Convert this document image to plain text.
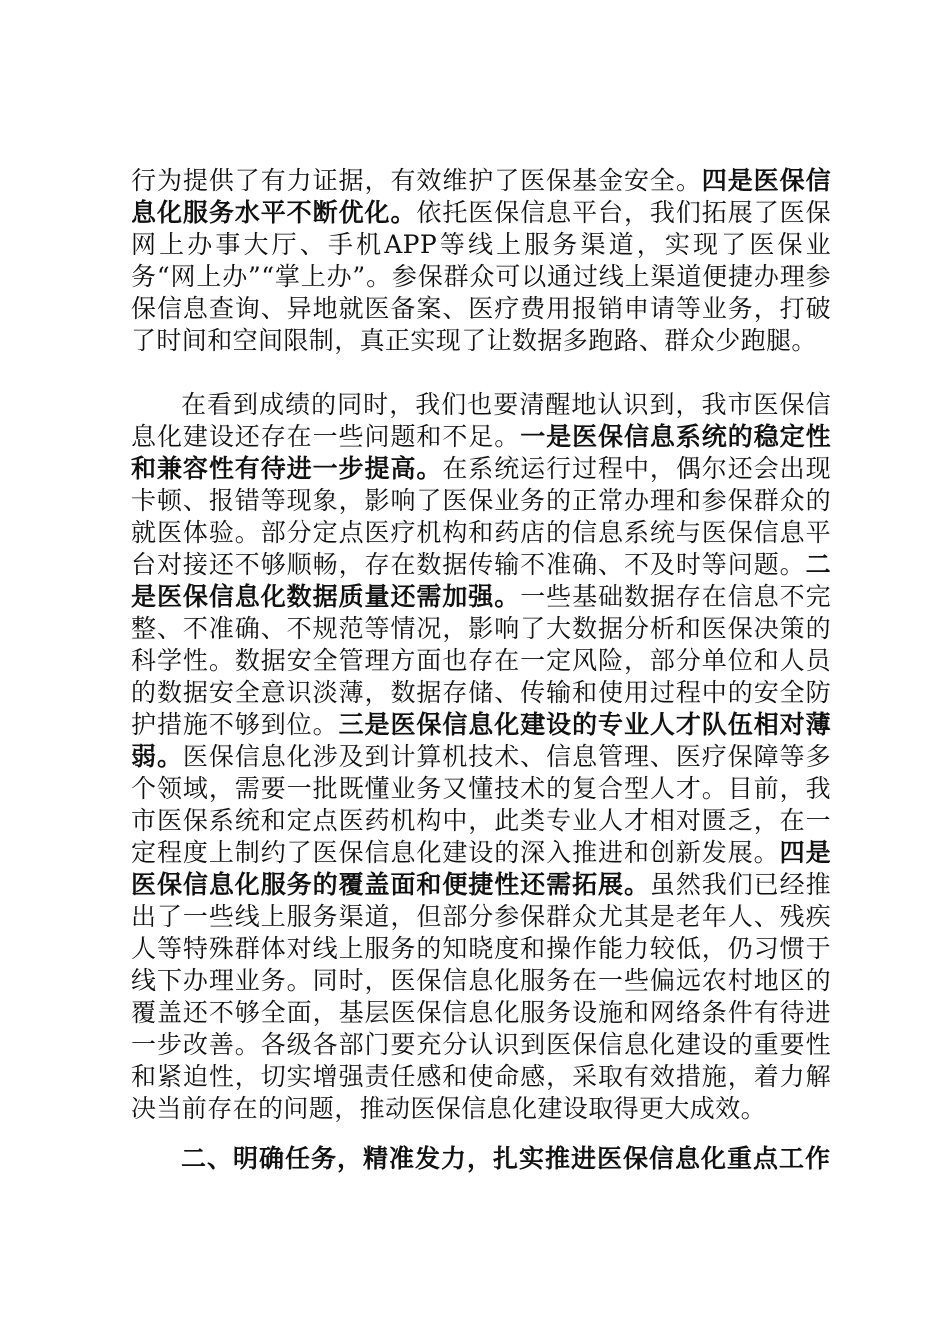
行为提供了有力证据，有效维护了医保基金安全。四是医保信息化服务水平不断优化。依托医保信息平台，我们拓展了医保网上办事大厅、手机APP等线上服务渠道，实现了医保业务“网上办”“掌上办”。参保群众可以通过线上渠道便捷办理参保信息查询、异地就医备案、医疗费用报销申请等业务，打破了时间和空间限制，真正实现了让数据多跑路、群众少跑腿。

在看到成绩的同时，我们也要清醒地认识到，我市医保信息化建设还存在一些问题和不足。一是医保信息系统的稳定性和兼容性有待进一步提高。在系统运行过程中，偶尔还会出现卡顿、报错等现象，影响了医保业务的正常办理和参保群众的就医体验。部分定点医疗机构和药店的信息系统与医保信息平台对接还不够顺畅，存在数据传输不准确、不及时等问题。二是医保信息化数据质量还需加强。一些基础数据存在信息不完整、不准确、不规范等情况，影响了大数据分析和医保决策的科学性。数据安全管理方面也存在一定风险，部分单位和人员的数据安全意识淡薄，数据存储、传输和使用过程中的安全防护措施不够到位。三是医保信息化建设的专业人才队伍相对薄弱。医保信息化涉及到计算机技术、信息管理、医疗保障等多个领域，需要一批既懂业务又懂技术的复合型人才。目前，我市医保系统和定点医药机构中，此类专业人才相对匮乏，在一定程度上制约了医保信息化建设的深入推进和创新发展。四是医保信息化服务的覆盖面和便捷性还需拓展。虽然我们已经推出了一些线上服务渠道，但部分参保群众尤其是老年人、残疾人等特殊群体对线上服务的知晓度和操作能力较低，仍习惯于线下办理业务。同时，医保信息化服务在一些偏远农村地区的覆盖还不够全面，基层医保信息化服务设施和网络条件有待进一步改善。各级各部门要充分认识到医保信息化建设的重要性和紧迫性，切实增强责任感和使命感，采取有效措施，着力解决当前存在的问题，推动医保信息化建设取得更大成效。

二、明确任务，精准发力，扎实推进医保信息化重点工作
